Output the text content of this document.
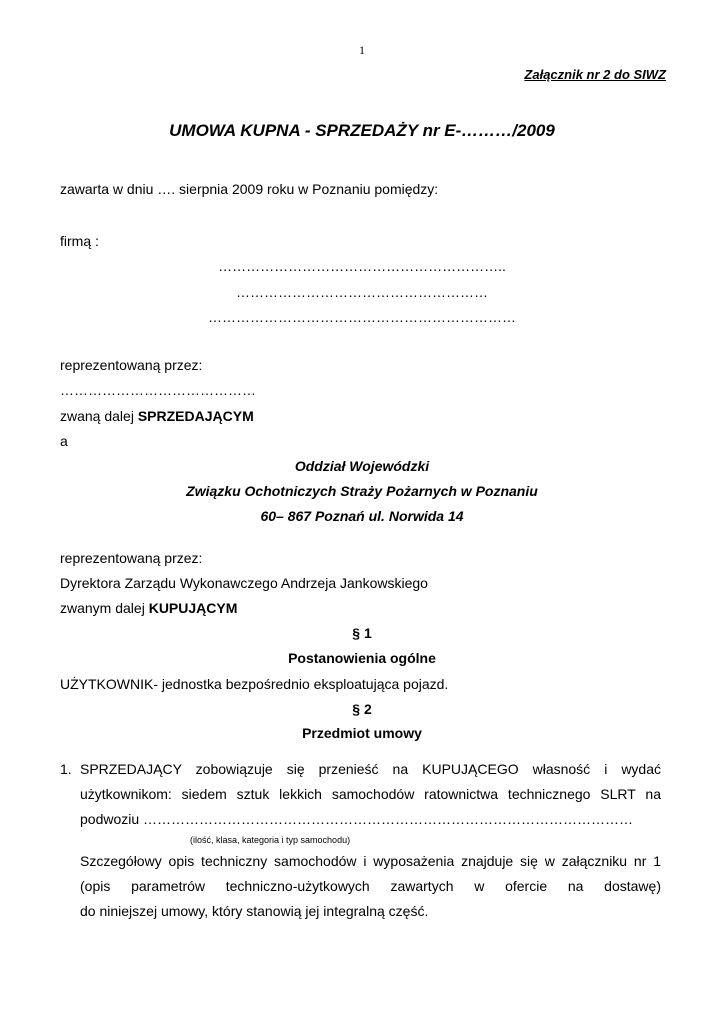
1
Załącznik nr 2 do SIWZ
UMOWA KUPNA - SPRZEDAŻY nr E-………/2009
zawarta w dniu …. sierpnia 2009 roku w Poznaniu pomiędzy:
firmą :
……………………………………………………..
………………………………………………
…………………………………………………………
reprezentowaną przez:
……………………………………
zwaną dalej SPRZEDAJĄCYM
a
Oddział Wojewódzki
Związku Ochotniczych Straży Pożarnych w Poznaniu
60– 867 Poznań ul. Norwida 14
reprezentowaną przez:
Dyrektora Zarządu Wykonawczego Andrzeja Jankowskiego
zwanym dalej KUPUJĄCYM
§ 1
Postanowienia ogólne
UŻYTKOWNIK- jednostka bezpośrednio eksploatująca pojazd.
§ 2
Przedmiot umowy
1. SPRZEDAJĄCY zobowiązuje się przenieść na KUPUJĄCEGO własność i wydać
użytkownikom: siedem sztuk lekkich samochodów ratownictwa technicznego SLRT na
podwoziu ……………………………………………………………………………………………
(ilość, klasa, kategoria i typ samochodu)
Szczegółowy opis techniczny samochodów i wyposażenia znajduje się w załączniku nr 1
(opis parametrów techniczno-użytkowych zawartych w ofercie na dostawę)
do niniejszej umowy, który stanowią jej integralną część.
